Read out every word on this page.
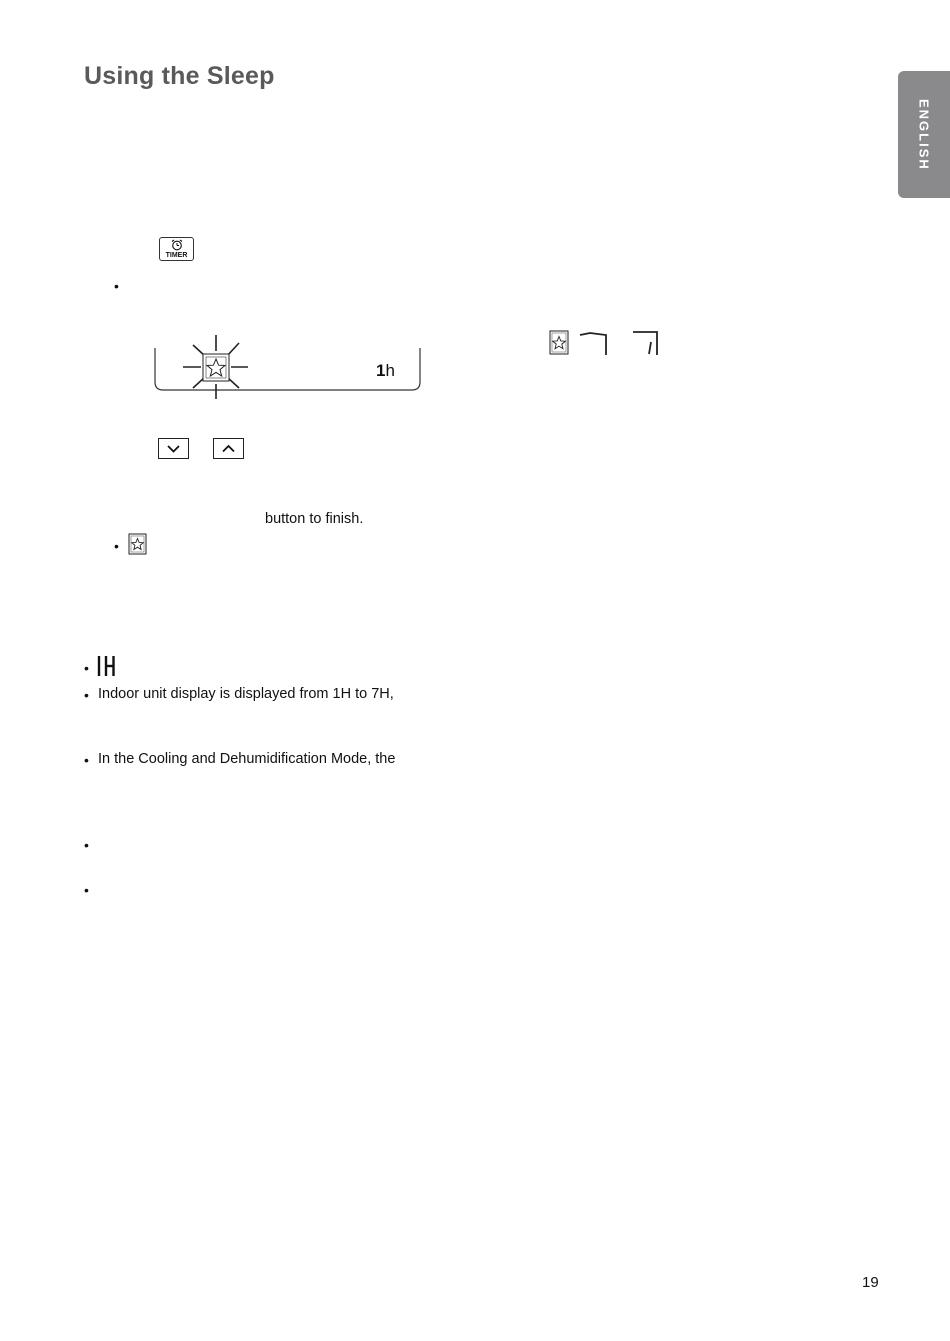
Using the Sleep
ENGLISH
TIMER
•
1h
button to finish.
•
•
• Indoor unit display is displayed from 1H to 7H,
• In the Cooling and Dehumidification Mode, the
•
•
19
